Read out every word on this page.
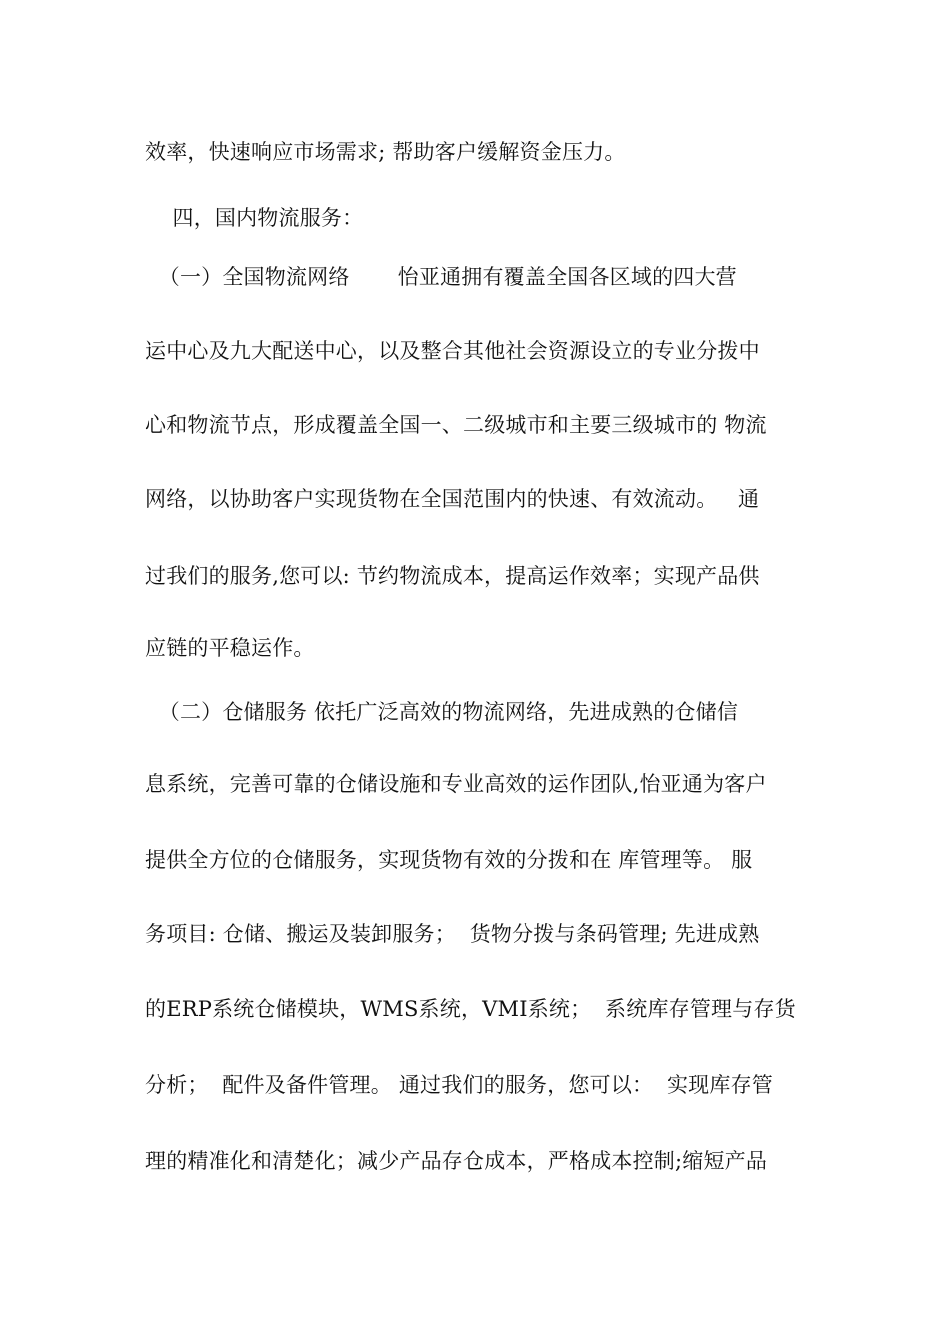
效率，快速响应市场需求; 帮助客户缓解资金压力。
四，国内物流服务：
（一）全国物流网络       怡亚通拥有覆盖全国各区域的四大营
运中心及九大配送中心，以及整合其他社会资源设立的专业分拨中
心和物流节点，形成覆盖全国一、二级城市和主要三级城市的 物流
网络，以协助客户实现货物在全国范围内的快速、有效流动。   通
过我们的服务,您可以: 节约物流成本，提高运作效率；实现产品供
应链的平稳运作。
（二）仓储服务 依托广泛高效的物流网络，先进成熟的仓储信
息系统，完善可靠的仓储设施和专业高效的运作团队,怡亚通为客户
提供全方位的仓储服务，实现货物有效的分拨和在 库管理等。 服
务项目: 仓储、搬运及装卸服务；  货物分拨与条码管理; 先进成熟
的ERP系统仓储模块，WMS系统，VMI系统；  系统库存管理与存货
分析；  配件及备件管理。 通过我们的服务，您可以：  实现库存管
理的精准化和清楚化；减少产品存仓成本，严格成本控制;缩短产品
